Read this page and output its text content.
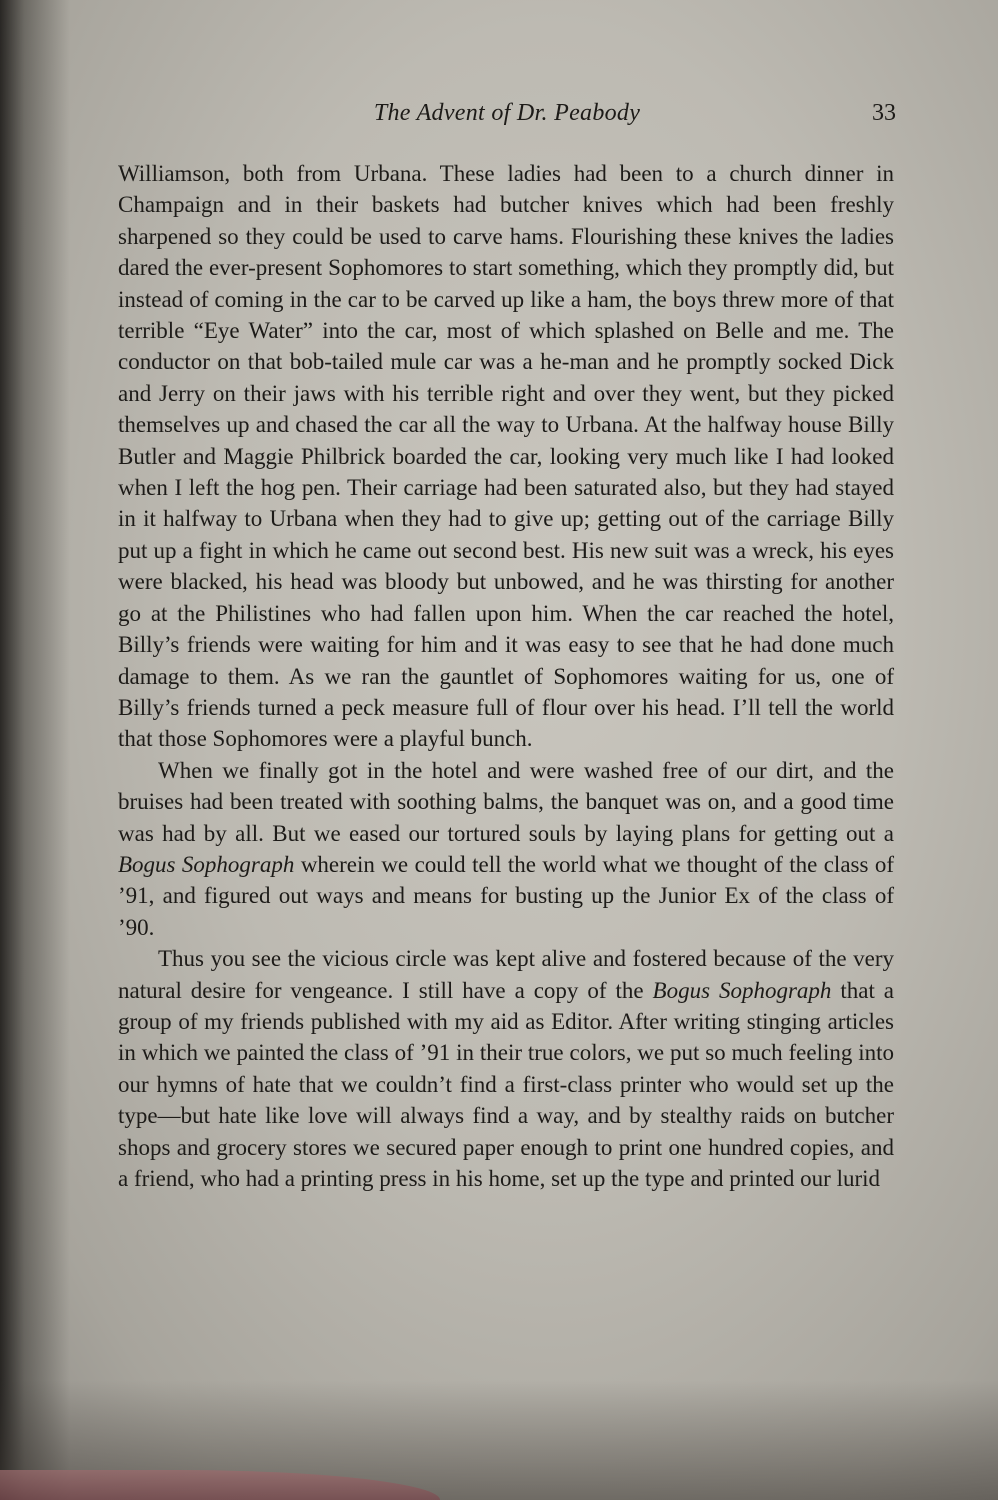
The Advent of Dr. Peabody	33

Williamson, both from Urbana. These ladies had been to a church dinner in Champaign and in their baskets had butcher knives which had been freshly sharpened so they could be used to carve hams. Flourishing these knives the ladies dared the ever-present Sophomores to start something, which they promptly did, but instead of coming in the car to be carved up like a ham, the boys threw more of that terrible “Eye Water” into the car, most of which splashed on Belle and me. The conductor on that bob-tailed mule car was a he-man and he promptly socked Dick and Jerry on their jaws with his terrible right and over they went, but they picked themselves up and chased the car all the way to Urbana. At the halfway house Billy Butler and Maggie Philbrick boarded the car, looking very much like I had looked when I left the hog pen. Their carriage had been saturated also, but they had stayed in it halfway to Urbana when they had to give up; getting out of the carriage Billy put up a fight in which he came out second best. His new suit was a wreck, his eyes were blacked, his head was bloody but unbowed, and he was thirsting for another go at the Philistines who had fallen upon him. When the car reached the hotel, Billy’s friends were waiting for him and it was easy to see that he had done much damage to them. As we ran the gauntlet of Sophomores waiting for us, one of Billy’s friends turned a peck measure full of flour over his head. I’ll tell the world that those Sophomores were a playful bunch.

When we finally got in the hotel and were washed free of our dirt, and the bruises had been treated with soothing balms, the banquet was on, and a good time was had by all. But we eased our tortured souls by laying plans for getting out a Bogus Sophograph wherein we could tell the world what we thought of the class of ’91, and figured out ways and means for busting up the Junior Ex of the class of ’90.

Thus you see the vicious circle was kept alive and fostered because of the very natural desire for vengeance. I still have a copy of the Bogus Sophograph that a group of my friends published with my aid as Editor. After writing stinging articles in which we painted the class of ’91 in their true colors, we put so much feeling into our hymns of hate that we couldn’t find a first-class printer who would set up the type—but hate like love will always find a way, and by stealthy raids on butcher shops and grocery stores we secured paper enough to print one hundred copies, and a friend, who had a printing press in his home, set up the type and printed our lurid
